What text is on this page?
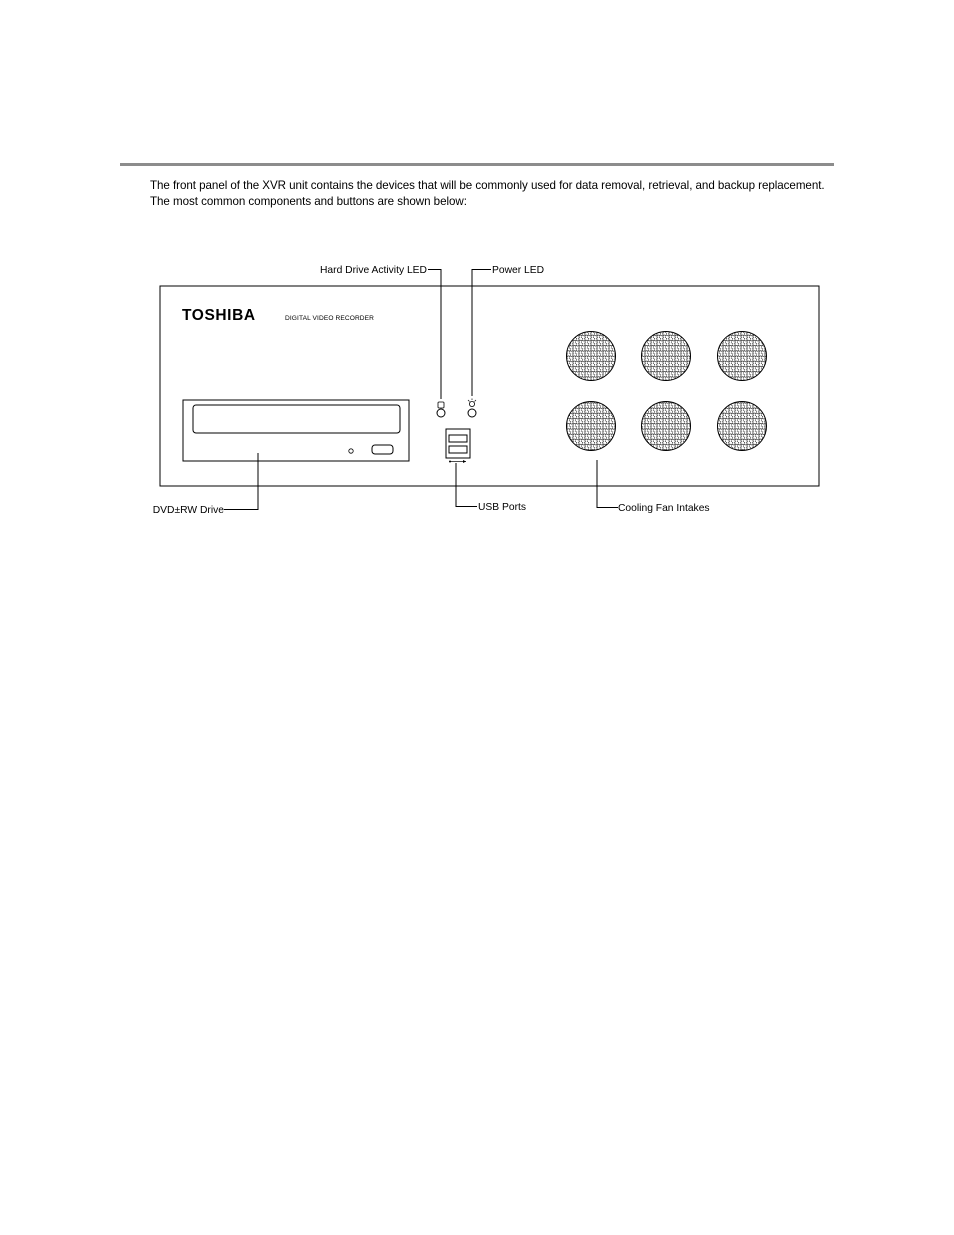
The front panel of the XVR unit contains the devices that will be commonly used for data removal, retrieval, and backup replacement.

The most common components and buttons are shown below:

TOSHIBA	DIGITAL VIDEO RECORDER
Hard Drive Activity LED	Power LED
DVD±RW Drive	USB Ports	Cooling Fan Intakes
